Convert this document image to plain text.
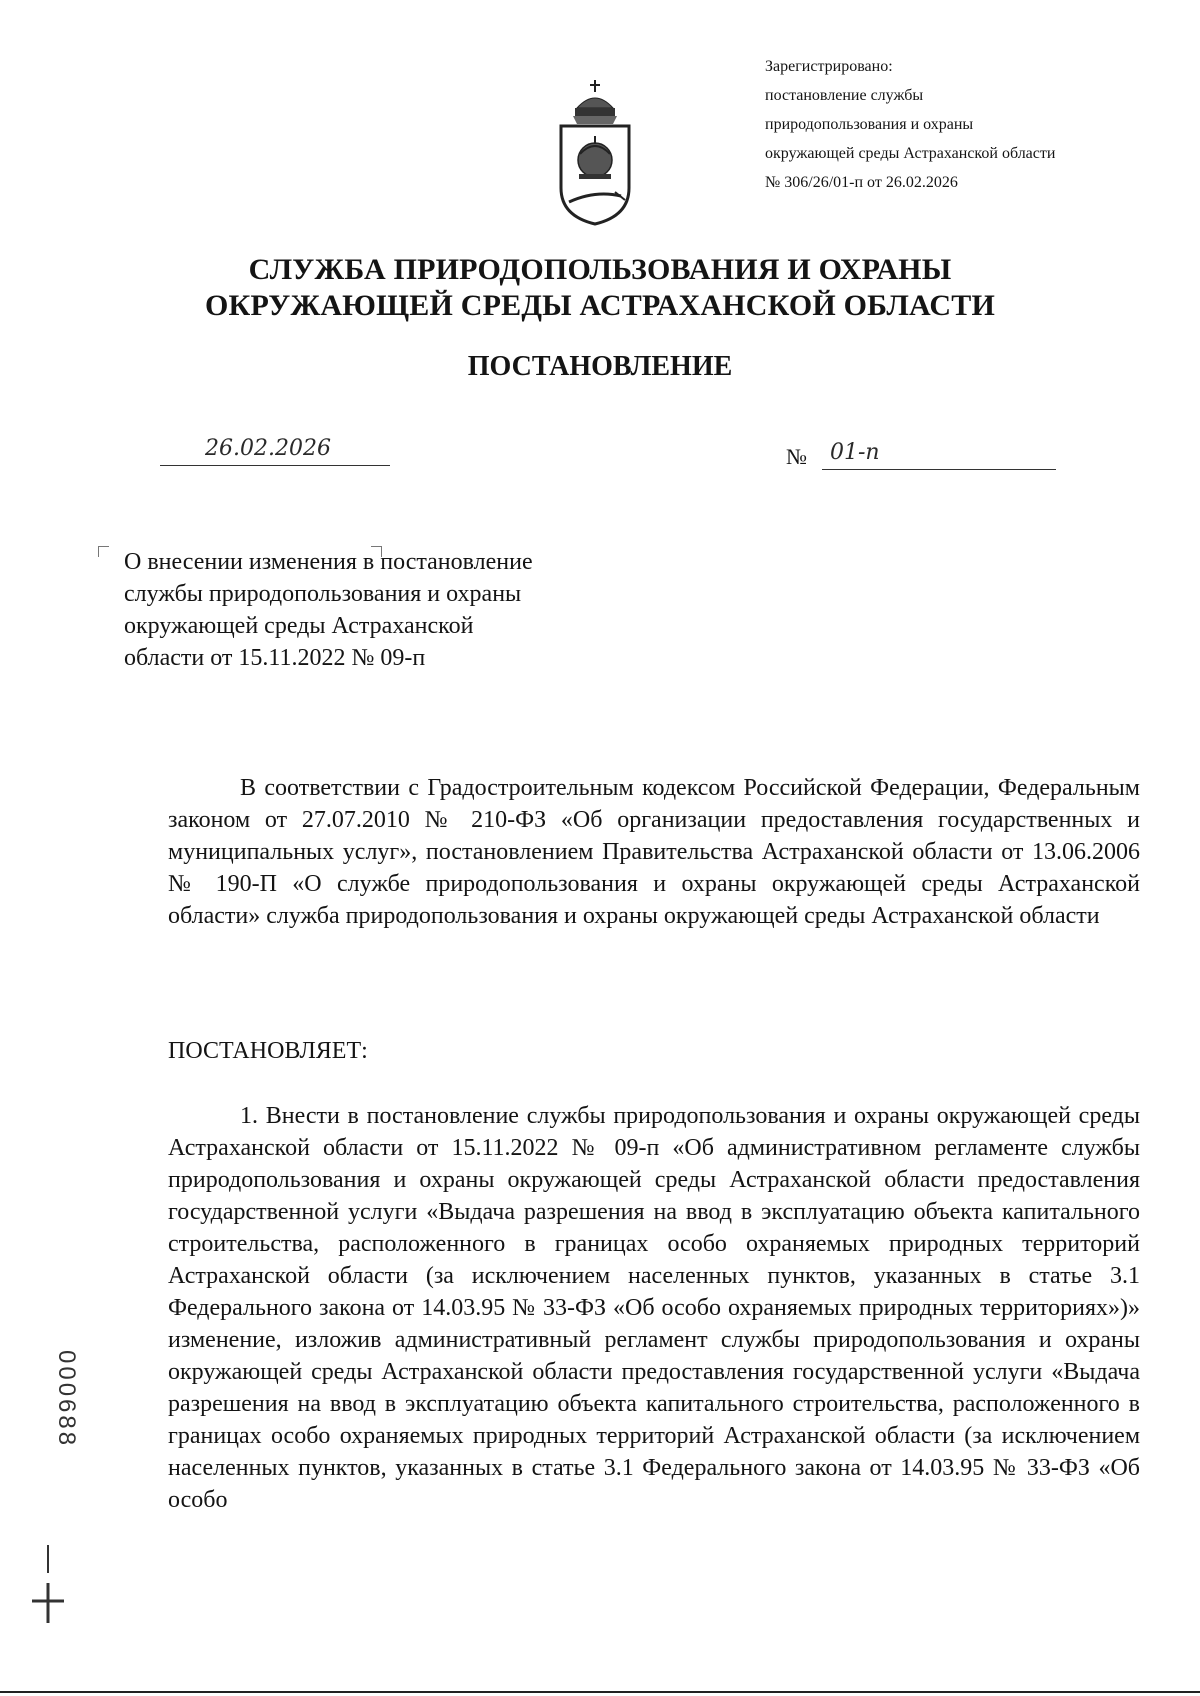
Зарегистрировано:
постановление службы
природопользования и охраны
окружающей среды Астраханской области
№ 306/26/01-п от 26.02.2026
СЛУЖБА ПРИРОДОПОЛЬЗОВАНИЯ И ОХРАНЫ
ОКРУЖАЮЩЕЙ СРЕДЫ АСТРАХАНСКОЙ ОБЛАСТИ
ПОСТАНОВЛЕНИЕ
26.02.2026	№ 01-п
О внесении изменения в постановление
службы природопользования и охраны
окружающей среды Астраханской
области от 15.11.2022 № 09-п

В соответствии с Градостроительным кодексом Российской Федерации, Федеральным законом от 27.07.2010 № 210-ФЗ «Об организации предоставления государственных и муниципальных услуг», постановлением Правительства Астраханской области от 13.06.2006 № 190-П «О службе природопользования и охраны окружающей среды Астраханской области» служба природопользования и охраны окружающей среды Астраханской области

ПОСТАНОВЛЯЕТ:

1. Внести в постановление службы природопользования и охраны окружающей среды Астраханской области от 15.11.2022 № 09-п «Об административном регламенте службы природопользования и охраны окружающей среды Астраханской области предоставления государственной услуги «Выдача разрешения на ввод в эксплуатацию объекта капитального строительства, расположенного в границах особо охраняемых природных территорий Астраханской области (за исключением населенных пунктов, указанных в статье 3.1 Федерального закона от 14.03.95 № 33-ФЗ «Об особо охраняемых природных территориях»)» изменение, изложив административный регламент службы природопользования и охраны окружающей среды Астраханской области предоставления государственной услуги «Выдача разрешения на ввод в эксплуатацию объекта капитального строительства, расположенного в границах особо охраняемых природных территорий Астраханской области (за исключением населенных пунктов, указанных в статье 3.1 Федерального закона от 14.03.95 № 33-ФЗ «Об особо

000688
